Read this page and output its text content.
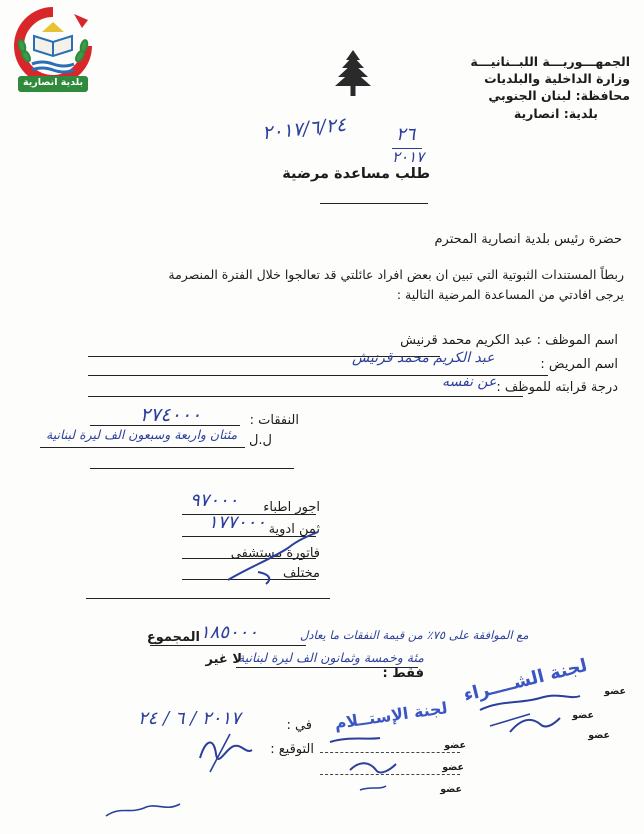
بلدية انصارية
الجمهـــوريـــة اللبــنانيـــة
وزارة الداخلية والبلديات
محافظة: لبنان الجنوبي
بلدية: انصارية
٢٠١٧/٦/٢٤	٢٦
٢٠١٧
طلب مساعدة مرضية
حضرة رئيس بلدية انصارية المحترم
ربطاً المستندات الثبوتية التي تبين ان بعض افراد عائلتي قد تعالجوا خلال الفترة المنصرمة
يرجى افادتي من المساعدة المرضية التالية :
اسم الموظف : عبد الكريم محمد قرنيش
اسم المريض :
عبد الكريم محمد قرنيش
درجة قرابته للموظف :
عن نفسه
النفقات :
٢٧٤٠٠٠
ل.ل
مئتان واربعة وسبعون الف ليرة لبنانية
اجور اطباء
٩٧٠٠٠
ثمن ادوية
١٧٧٠٠٠
فاتورة مستشفى
مختلف
مع الموافقة على ٧٥٪ من قيمة النفقات ما يعادل
١٨٥٠٠٠
المجموع
فقط :
مئة وخمسة وثمانون الف ليرة لبنانية
لا غير	لجنة الشــــراء عضو
عضو
عضو
لجنة الإستــلام
عضو
عضو
عضو
في :
٢٠١٧ / ٦ / ٢٤
التوقيع :
